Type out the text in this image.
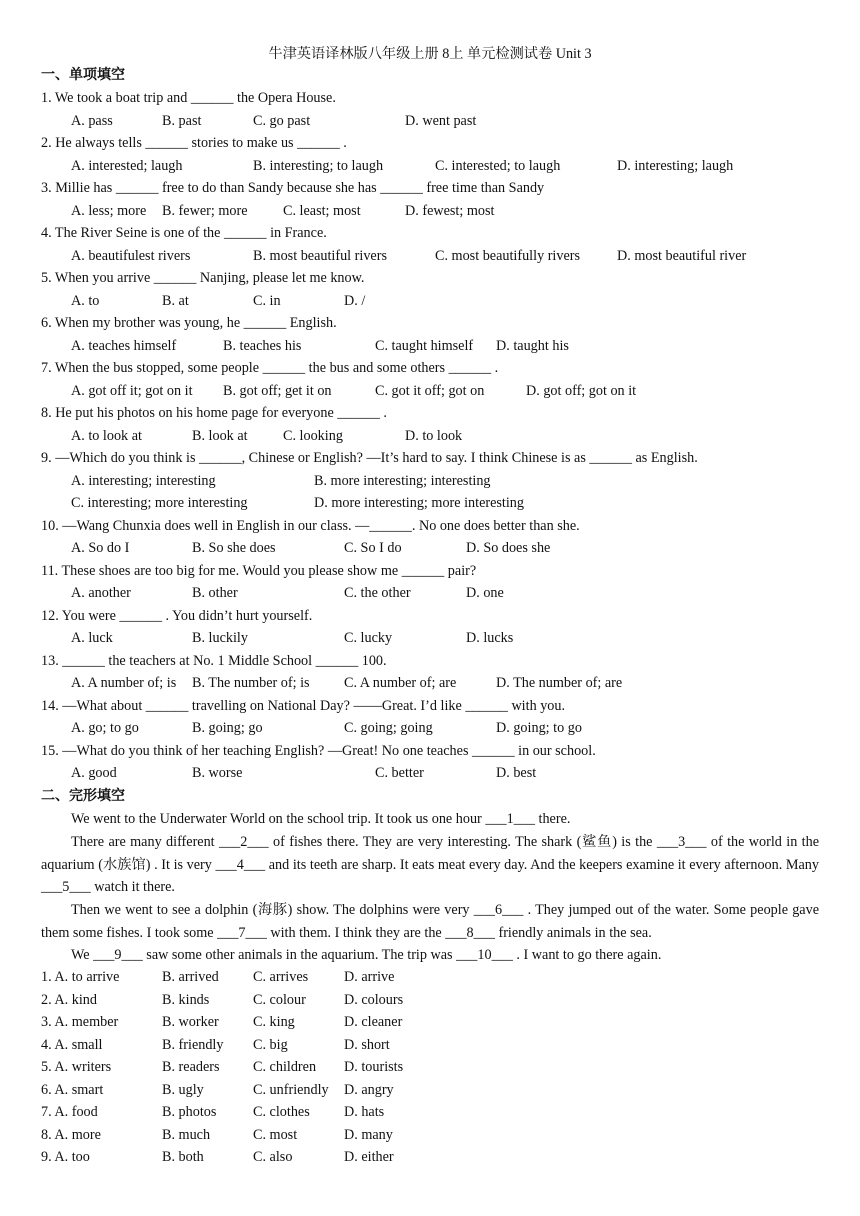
牛津英语译林版八年级上册 8上 单元检测试卷 Unit 3
一、单项填空
1. We took a boat trip and ______ the Opera House.
A. pass	B. past	C. go past	D. went past
2. He always tells ______ stories to make us ______ .
A. interested; laugh	B. interesting; to laugh	C. interested; to laugh	D. interesting; laugh
3. Millie has ______ free to do than Sandy because she has ______ free time than Sandy
A. less; more B. fewer; more	C. least; most	D. fewest; most
4. The River Seine is one of the ______ in France.
A. beautifulest rivers	B. most beautiful rivers	C. most beautifully rivers	D. most beautiful river
5. When you arrive ______ Nanjing, please let me know.
A. to	B. at	C. in	D. /
6. When my brother was young, he ______ English.
A. teaches himself	B. teaches his	C. taught himself D. taught his
7. When the bus stopped, some people ______ the bus and some others ______ .
A. got off it; got on it B. got off; get it on	C. got it off; got on	D. got off; got on it
8. He put his photos on his home page for everyone ______ .
A. to look at	B. look at C. looking	D. to look
9. —Which do you think is ______, Chinese or English? —It’s hard to say. I think Chinese is as ______ as English.
A. interesting; interesting	B. more interesting; interesting
C. interesting; more interesting	D. more interesting; more interesting
10. —Wang Chunxia does well in English in our class. —______. No one does better than she.
A. So do I	B. So she does	C. So I do	D. So does she
11. These shoes are too big for me. Would you please show me ______ pair?
A. another	B. other	C. the other	D. one
12. You were ______ . You didn’t hurt yourself.
A. luck	B. luckily	C. lucky	D. lucks
13. ______ the teachers at No. 1 Middle School ______ 100.
A. A number of; is B. The number of; is C. A number of; are	D. The number of; are
14. —What about ______ travelling on National Day? ——Great. I’d like ______ with you.
A. go; to go	B. going; go	C. going; going	D. going; to go
15. —What do you think of her teaching English? —Great! No one teaches ______ in our school.
A. good	B. worse	C. better	D. best
二、完形填空
We went to the Underwater World on the school trip. It took us one hour ___1___ there.
There are many different ___2___ of fishes there. They are very interesting. The shark (鲨鱼) is the ___3___ of the world in the aquarium (水族馆) . It is very ___4___ and its teeth are sharp. It eats meat every day. And the keepers examine it every afternoon. Many ___5___ watch it there.
Then we went to see a dolphin (海豚) show. The dolphins were very ___6___ . They jumped out of the water. Some people gave them some fishes. I took some ___7___ with them. I think they are the ___8___ friendly animals in the sea.
We ___9___ saw some other animals in the aquarium. The trip was ___10___ . I want to go there again.
1. A. to arrive	B. arrived C. arrives	D. arrive
2. A. kind	B. kinds	C. colour	D. colours
3. A. member	B. worker C. king	D. cleaner
4. A. small	B. friendly C. big	D. short
5. A. writers	B. readers C. children D. tourists
6. A. smart	B. ugly	C. unfriendly D. angry
7. A. food	B. photos	C. clothes D. hats
8. A. more	B. much	C. most	D. many
9. A. too	B. both	C. also	D. either
